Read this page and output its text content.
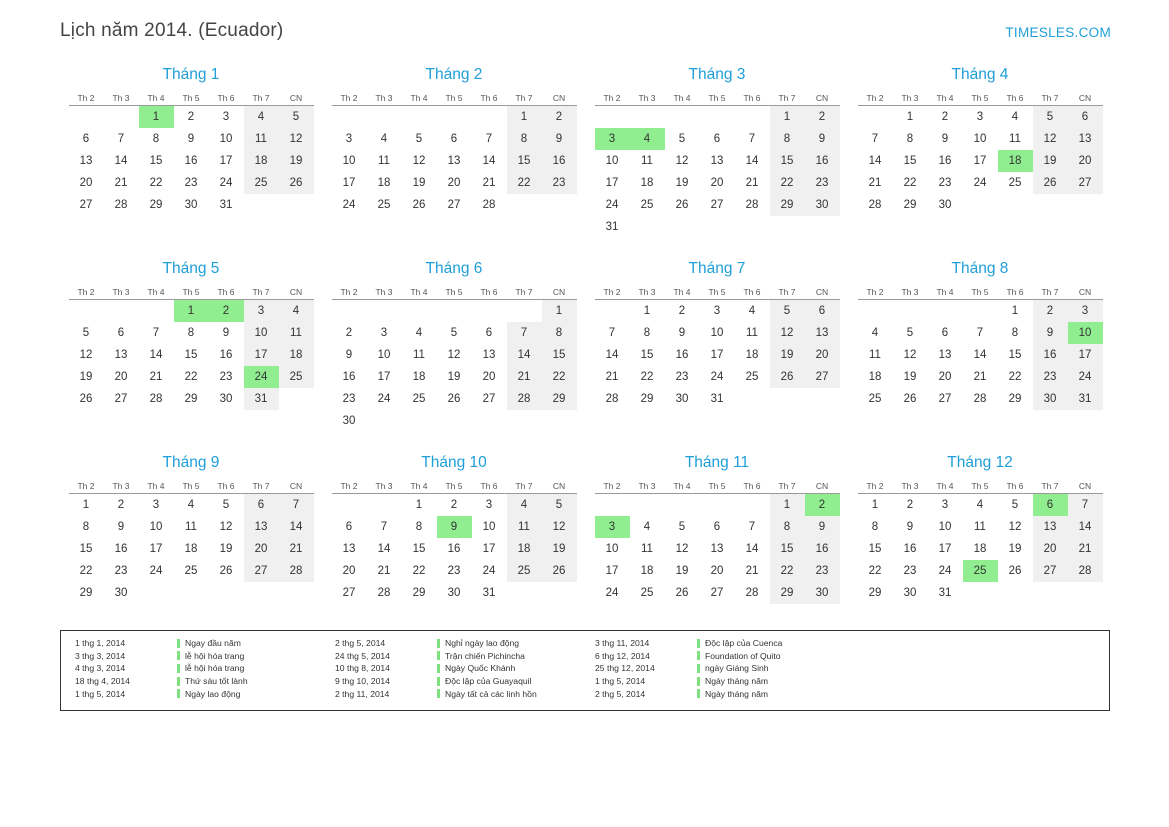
Lịch năm 2014. (Ecuador)	TIMESLES.COM
Tháng 1
Th 2	Th 3	Th 4	Th 5	Th 6	Th 7	CN
		1	2	3	4	5
6	7	8	9	10	11	12
13	14	15	16	17	18	19
20	21	22	23	24	25	26
27	28	29	30	31		
Tháng 2
Th 2	Th 3	Th 4	Th 5	Th 6	Th 7	CN
					1	2
3	4	5	6	7	8	9
10	11	12	13	14	15	16
17	18	19	20	21	22	23
24	25	26	27	28		
Tháng 3
Th 2	Th 3	Th 4	Th 5	Th 6	Th 7	CN
					1	2
3	4	5	6	7	8	9
10	11	12	13	14	15	16
17	18	19	20	21	22	23
24	25	26	27	28	29	30
31						
Tháng 4
Th 2	Th 3	Th 4	Th 5	Th 6	Th 7	CN
	1	2	3	4	5	6
7	8	9	10	11	12	13
14	15	16	17	18	19	20
21	22	23	24	25	26	27
28	29	30				
Tháng 5
Th 2	Th 3	Th 4	Th 5	Th 6	Th 7	CN
			1	2	3	4
5	6	7	8	9	10	11
12	13	14	15	16	17	18
19	20	21	22	23	24	25
26	27	28	29	30	31	
Tháng 6
Th 2	Th 3	Th 4	Th 5	Th 6	Th 7	CN
						1
2	3	4	5	6	7	8
9	10	11	12	13	14	15
16	17	18	19	20	21	22
23	24	25	26	27	28	29
30						
Tháng 7
Th 2	Th 3	Th 4	Th 5	Th 6	Th 7	CN
	1	2	3	4	5	6
7	8	9	10	11	12	13
14	15	16	17	18	19	20
21	22	23	24	25	26	27
28	29	30	31			
Tháng 8
Th 2	Th 3	Th 4	Th 5	Th 6	Th 7	CN
				1	2	3
4	5	6	7	8	9	10
11	12	13	14	15	16	17
18	19	20	21	22	23	24
25	26	27	28	29	30	31
Tháng 9
Th 2	Th 3	Th 4	Th 5	Th 6	Th 7	CN
1	2	3	4	5	6	7
8	9	10	11	12	13	14
15	16	17	18	19	20	21
22	23	24	25	26	27	28
29	30					
Tháng 10
Th 2	Th 3	Th 4	Th 5	Th 6	Th 7	CN
		1	2	3	4	5
6	7	8	9	10	11	12
13	14	15	16	17	18	19
20	21	22	23	24	25	26
27	28	29	30	31		
Tháng 11
Th 2	Th 3	Th 4	Th 5	Th 6	Th 7	CN
					1	2
3	4	5	6	7	8	9
10	11	12	13	14	15	16
17	18	19	20	21	22	23
24	25	26	27	28	29	30
Tháng 12
Th 2	Th 3	Th 4	Th 5	Th 6	Th 7	CN
1	2	3	4	5	6	7
8	9	10	11	12	13	14
15	16	17	18	19	20	21
22	23	24	25	26	27	28
29	30	31				
1 thg 1, 2014	Ngay đầu năm
3 thg 3, 2014	lễ hội hóa trang
4 thg 3, 2014	lễ hội hóa trang
18 thg 4, 2014	Thứ sáu tốt lành
1 thg 5, 2014	Ngày lao động
2 thg 5, 2014	Nghỉ ngày lao động
24 thg 5, 2014	Trận chiến Pichincha
10 thg 8, 2014	Ngày Quốc Khánh
9 thg 10, 2014	Độc lập của Guayaquil
2 thg 11, 2014	Ngày tất cả các linh hồn
3 thg 11, 2014	Độc lập của Cuenca
6 thg 12, 2014	Foundation of Quito
25 thg 12, 2014	ngày Giáng Sinh
1 thg 5, 2014	Ngày tháng năm
2 thg 5, 2014	Ngày tháng năm
